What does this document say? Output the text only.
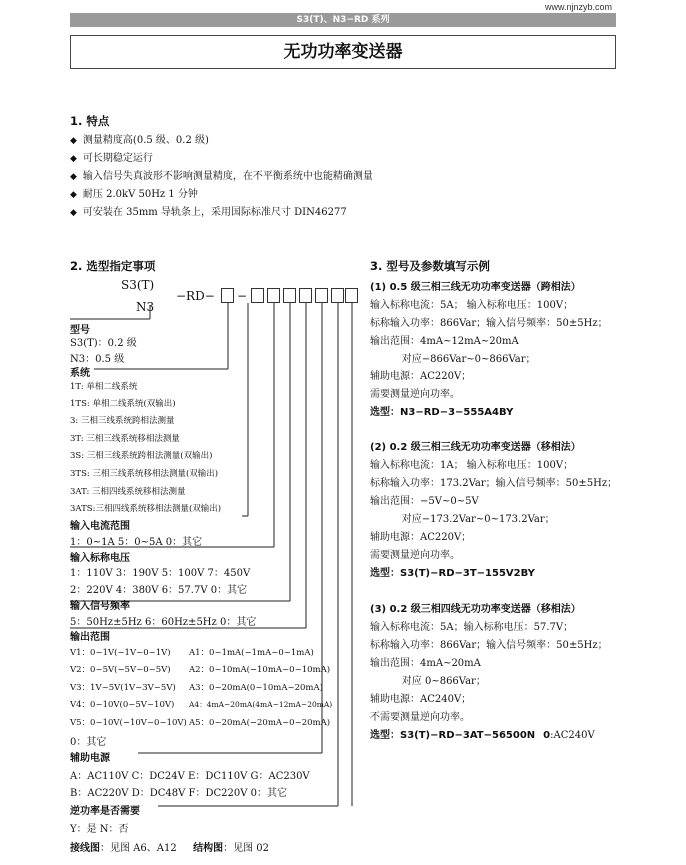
www.njnzyb.com
S3(T)、N3−RD 系列
无功功率变送器
1. 特点
◆ 测量精度高(0.5 级、0.2 级)
◆ 可长期稳定运行
◆ 输入信号失真波形不影响测量精度，在不平衡系统中也能精确测量
◆ 耐压 2.0kV 50Hz 1 分钟
◆ 可安装在 35mm 导轨条上，采用国际标准尺寸 DIN46277
2. 选型指定事项
S3(T)
N3
−RD− −
型号
S3(T)：0.2 级
N3：0.5 级
系统
1T: 单相二线系统
1TS: 单相二线系统(双输出)
3: 三相三线系统跨相法测量
3T: 三相三线系统移相法测量
3S: 三相三线系统跨相法测量(双输出)
3TS: 三相三线系统移相法测量(双输出)
3AT: 三相四线系统移相法测量
3ATS:三相四线系统移相法测量(双输出)
输入电流范围
1：0~1A 5：0~5A 0：其它
输入标称电压
1：110V 3：190V 5：100V 7：450V
2：220V 4：380V 6：57.7V 0：其它
输入信号频率
5：50Hz±5Hz 6：60Hz±5Hz 0：其它
输出范围
V1：0~1V(−1V~0~1V)
V2：0~5V(−5V~0~5V)
V3：1V~5V(1V~3V~5V)
V4：0~10V(0~5V~10V)
V5：0~10V(−10V~0~10V)
A1：0~1mA(−1mA~0~1mA)
A2：0~10mA(−10mA~0~10mA)
A3：0~20mA(0~10mA~20mA)
A4：4mA~20mA(4mA~12mA~20mA)
A5：0~20mA(−20mA~0~20mA)
0：其它
辅助电源
A：AC110V C：DC24V E：DC110V G：AC230V
B：AC220V D：DC48V F：DC220V 0：其它
逆功率是否需要
Y：是 N：否
接线图：见图 A6、A12 结构图：见图 02
3. 型号及参数填写示例
(1) 0.5 级三相三线无功功率变送器（跨相法）
输入标称电流：5A； 输入标称电压：100V；
标称输入功率：866Var；输入信号频率：50±5Hz；
输出范围：4mA~12mA~20mA
对应−866Var~0~866Var；
辅助电源：AC220V；
需要测量逆向功率。
选型：N3−RD−3−555A4BY
(2) 0.2 级三相三线无功功率变送器（移相法）
输入标称电流：1A； 输入标称电压：100V；
标称输入功率：173.2Var；输入信号频率：50±5Hz；
输出范围：−5V~0~5V
对应−173.2Var~0~173.2Var；
辅助电源：AC220V；
需要测量逆向功率。
选型：S3(T)−RD−3T−155V2BY
(3) 0.2 级三相四线无功功率变送器（移相法）
输入标称电流：5A；输入标称电压：57.7V；
标称输入功率：866Var；输入信号频率：50±5Hz；
输出范围：4mA~20mA
对应 0~866Var；
辅助电源：AC240V；
不需要测量逆向功率。
选型：S3(T)−RD−3AT−56500N 0:AC240V
